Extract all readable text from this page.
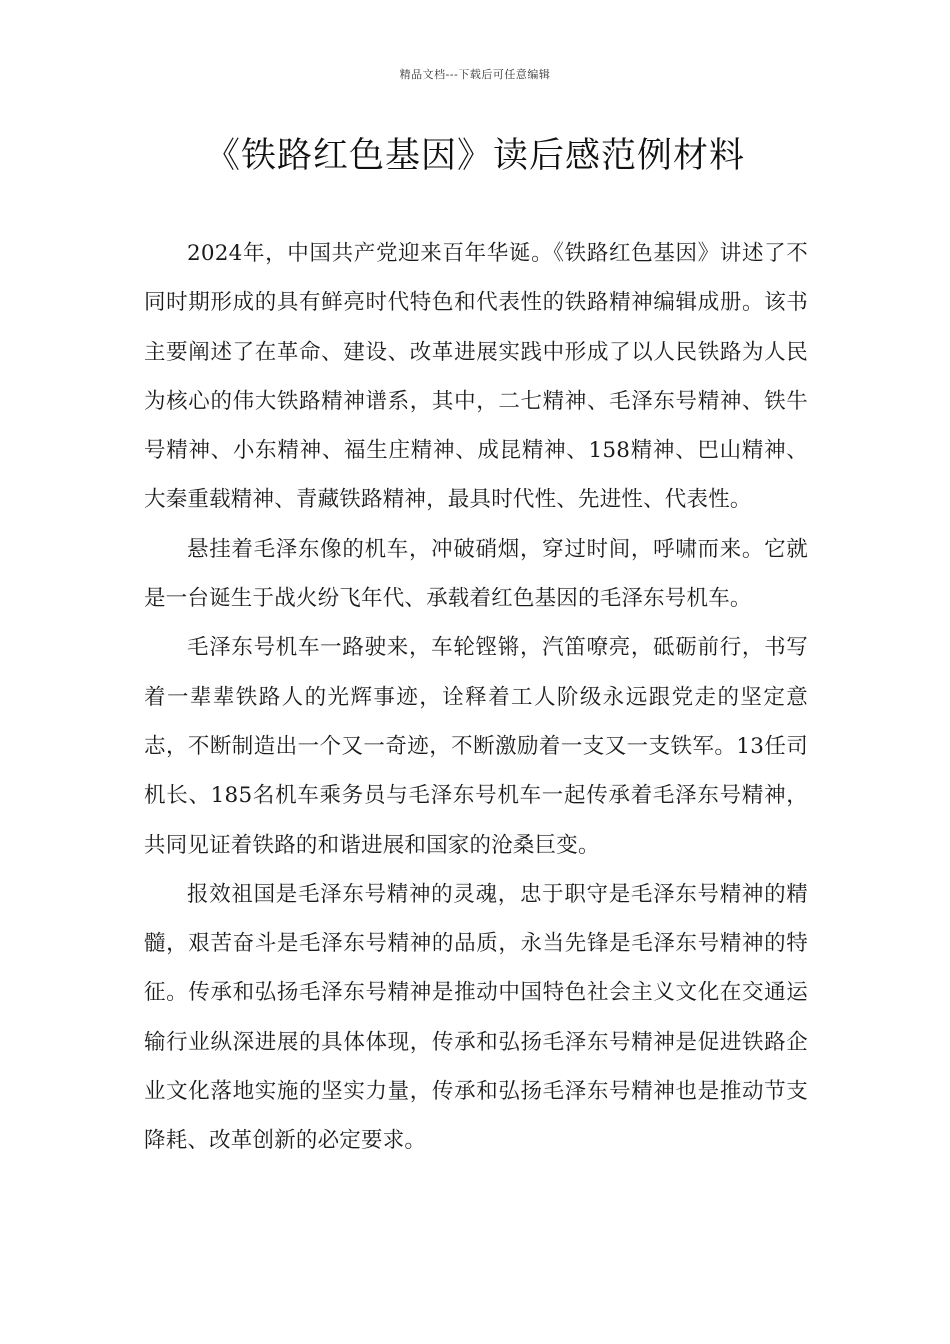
精品文档---下载后可任意编辑
《铁路红色基因》读后感范例材料

2024年，中国共产党迎来百年华诞。《铁路红色基因》讲述了不同时期形成的具有鲜亮时代特色和代表性的铁路精神编辑成册。该书主要阐述了在革命、建设、改革进展实践中形成了以人民铁路为人民为核心的伟大铁路精神谱系，其中，二七精神、毛泽东号精神、铁牛号精神、小东精神、福生庄精神、成昆精神、158精神、巴山精神、大秦重载精神、青藏铁路精神，最具时代性、先进性、代表性。

悬挂着毛泽东像的机车，冲破硝烟，穿过时间，呼啸而来。它就是一台诞生于战火纷飞年代、承载着红色基因的毛泽东号机车。

毛泽东号机车一路驶来，车轮铿锵，汽笛嘹亮，砥砺前行，书写着一辈辈铁路人的光辉事迹，诠释着工人阶级永远跟党走的坚定意志，不断制造出一个又一奇迹，不断激励着一支又一支铁军。13任司机长、185名机车乘务员与毛泽东号机车一起传承着毛泽东号精神，共同见证着铁路的和谐进展和国家的沧桑巨变。

报效祖国是毛泽东号精神的灵魂，忠于职守是毛泽东号精神的精髓，艰苦奋斗是毛泽东号精神的品质，永当先锋是毛泽东号精神的特征。传承和弘扬毛泽东号精神是推动中国特色社会主义文化在交通运输行业纵深进展的具体体现，传承和弘扬毛泽东号精神是促进铁路企业文化落地实施的坚实力量，传承和弘扬毛泽东号精神也是推动节支降耗、改革创新的必定要求。
